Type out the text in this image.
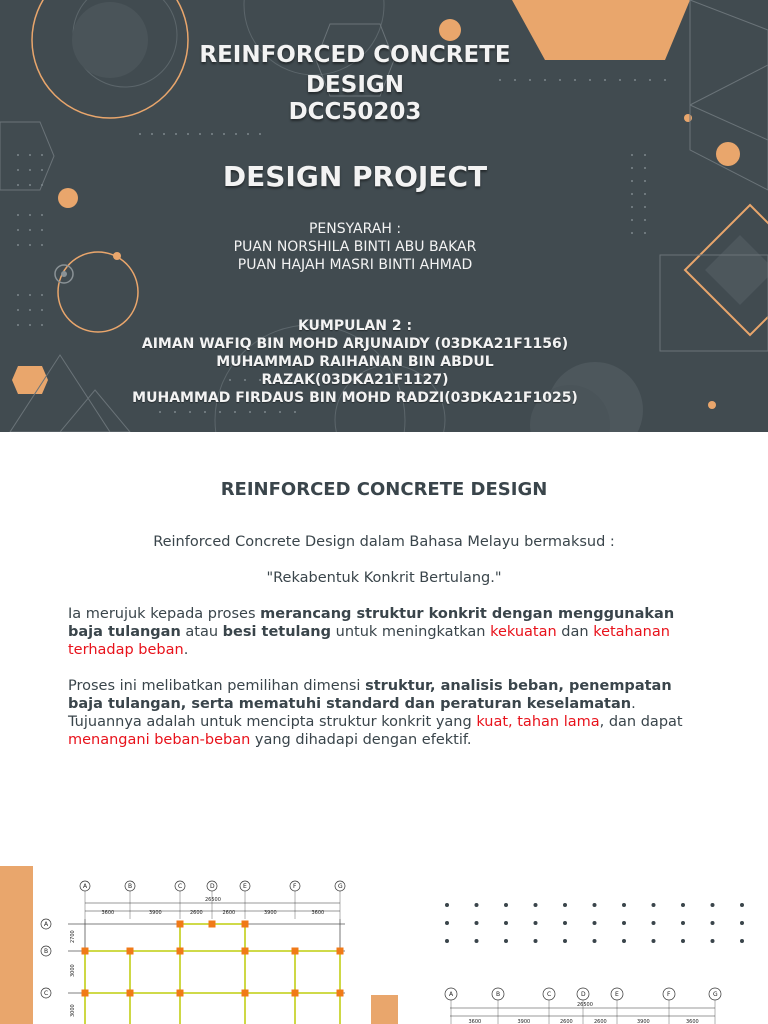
REINFORCED CONCRETE
DESIGN
DCC50203
DESIGN PROJECT
PENSYARAH :
PUAN NORSHILA BINTI ABU BAKAR
PUAN HAJAH MASRI BINTI AHMAD
KUMPULAN 2 :
AIMAN WAFIQ BIN MOHD ARJUNAIDY (03DKA21F1156)
MUHAMMAD RAIHANAN BIN ABDUL
RAZAK(03DKA21F1127)
MUHAMMAD FIRDAUS BIN MOHD RADZI(03DKA21F1025)
REINFORCED CONCRETE DESIGN
Reinforced Concrete Design dalam Bahasa Melayu bermaksud :
"Rekabentuk Konkrit Bertulang."
Ia merujuk kepada proses merancang struktur konkrit dengan menggunakan baja tulangan atau besi tetulang untuk meningkatkan kekuatan dan ketahanan terhadap beban.
Proses ini melibatkan pemilihan dimensi struktur, analisis beban, penempatan baja tulangan, serta mematuhi standard dan peraturan keselamatan. Tujuannya adalah untuk mencipta struktur konkrit yang kuat, tahan lama, dan dapat menangani beban-beban yang dihadapi dengan efektif.
A	B	C	D	E	F	G
26500
3600	3900	2600	2600	3900	3600
A
B
C
2700
3000
3000
A	B	C	D	E	F	G
26500
3600	3900	2600	2600	3900	3600
